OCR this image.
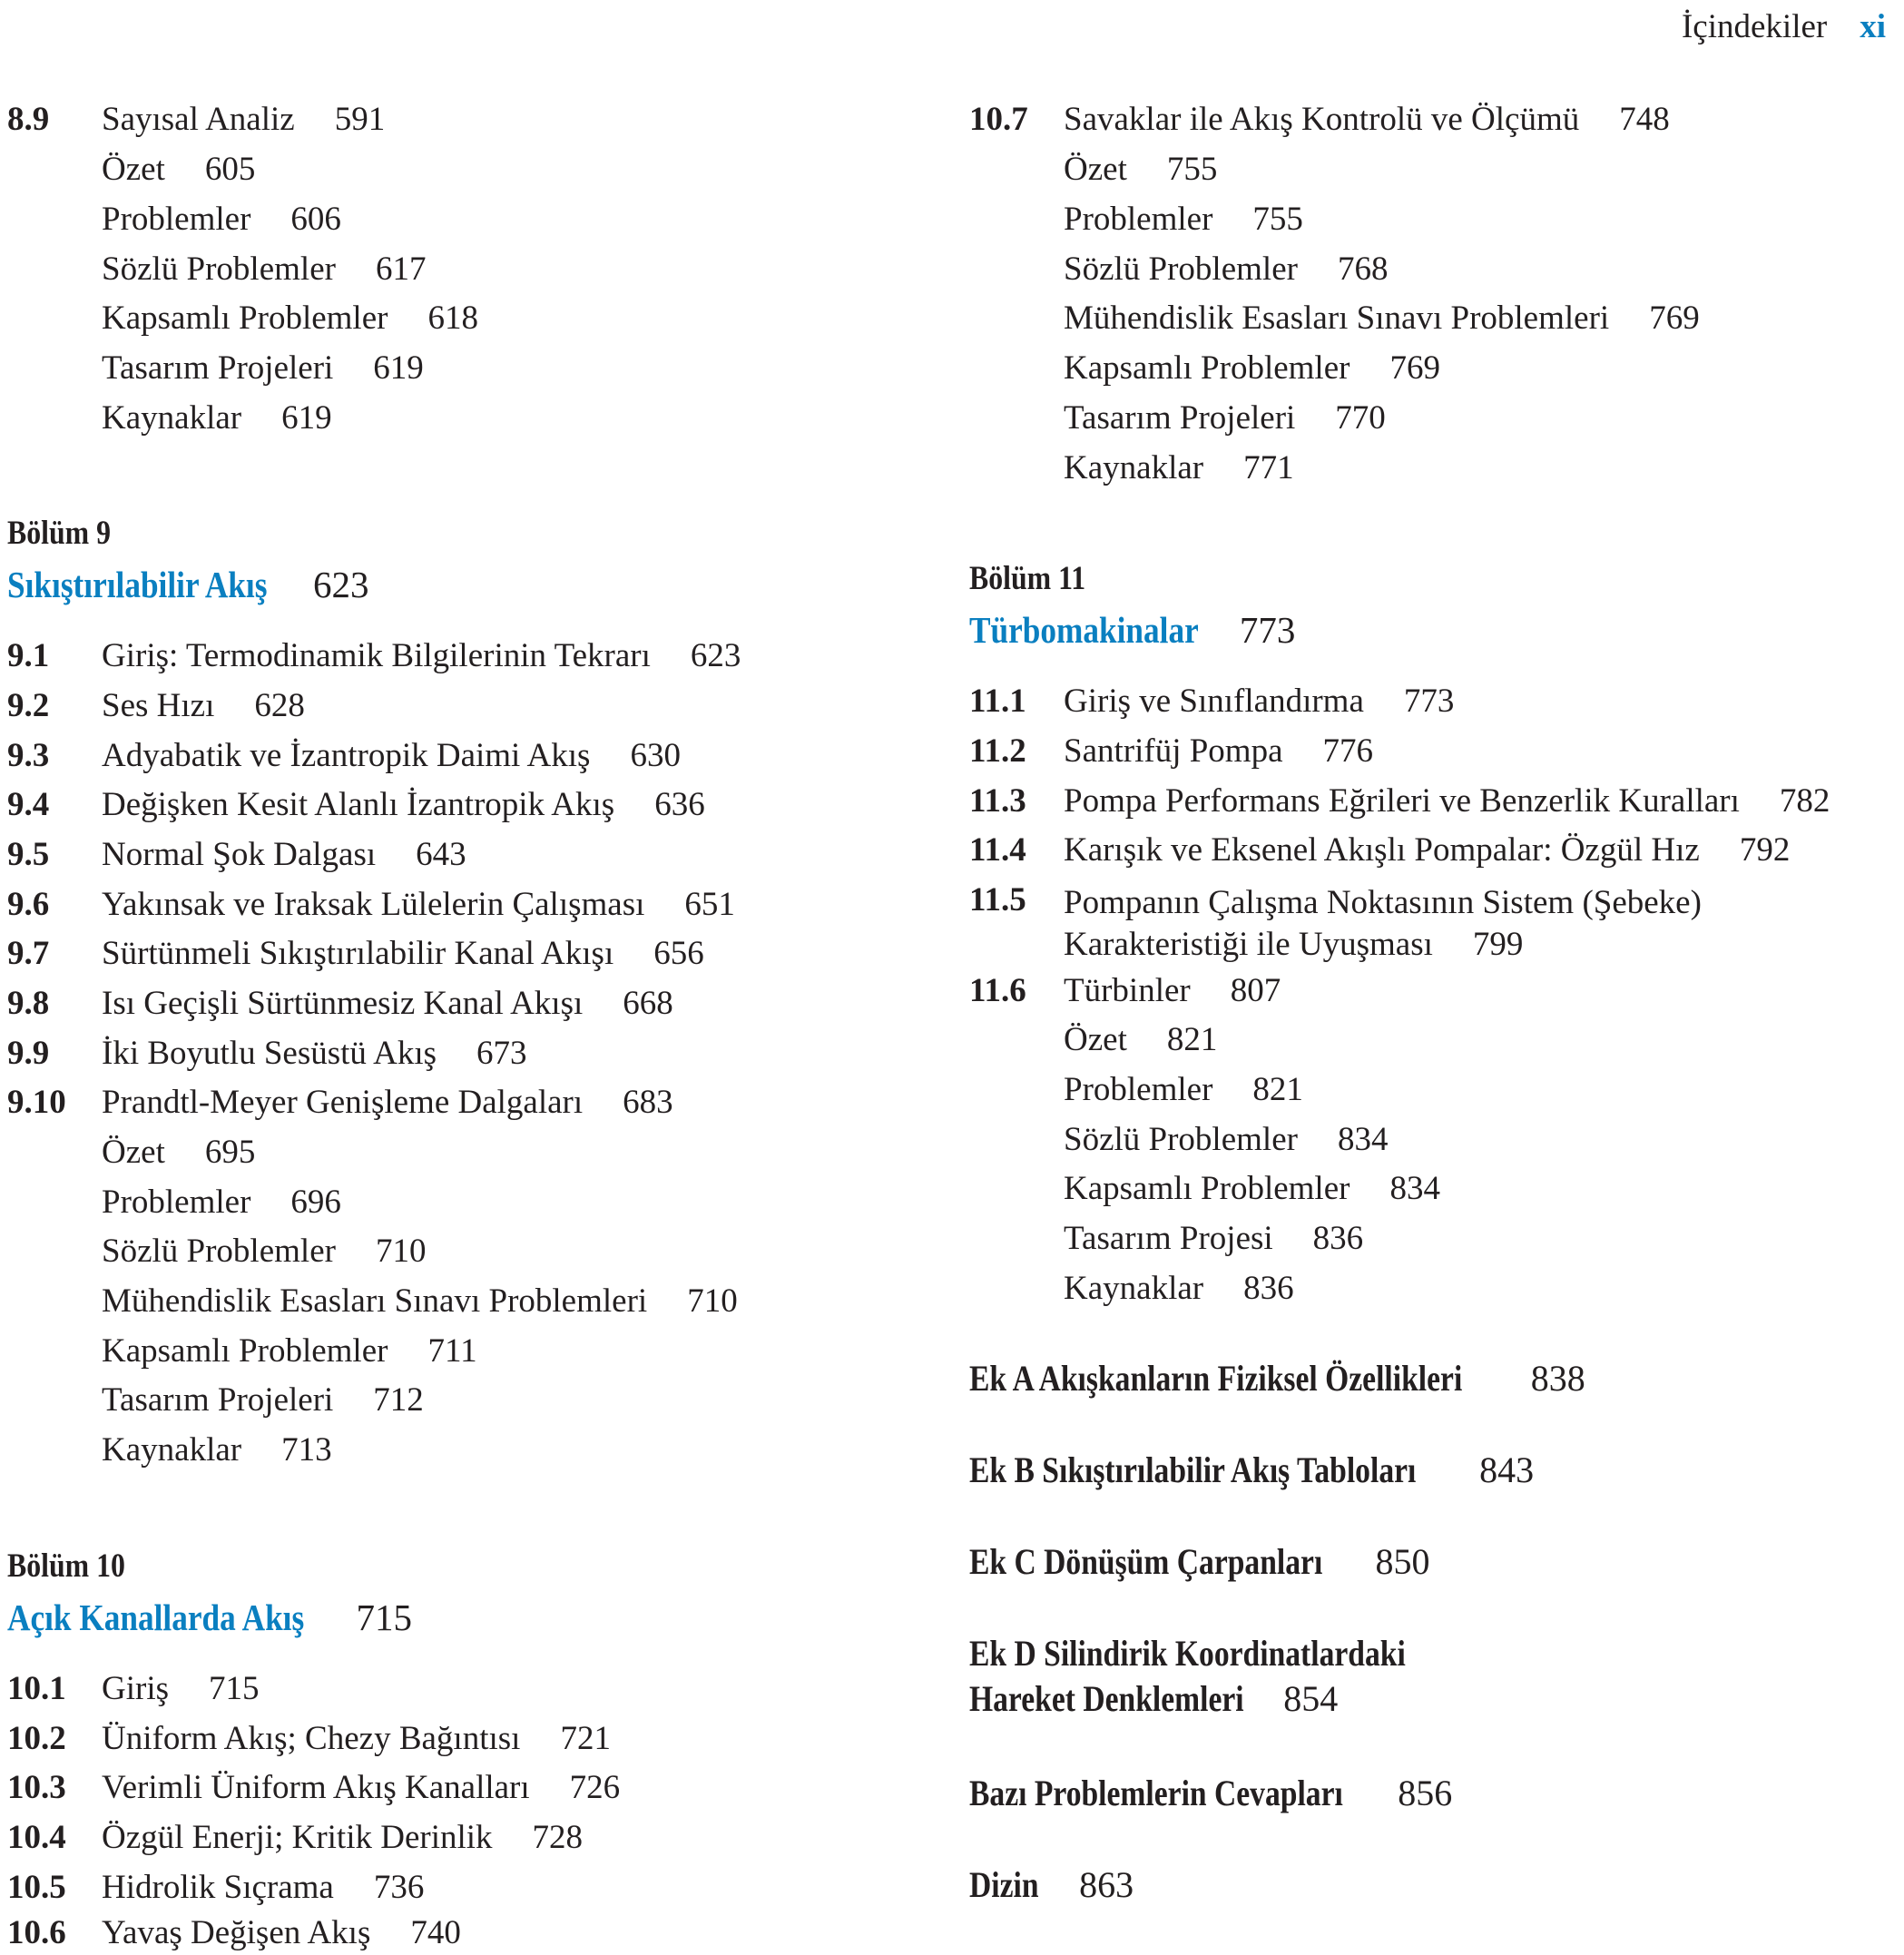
İçindekiler xi
8.9 Sayısal Analiz 591
Özet 605
Problemler 606
Sözlü Problemler 617
Kapsamlı Problemler 618
Tasarım Projeleri 619
Kaynaklar 619
Bölüm 9
Sıkıştırılabilir Akış 623
9.1 Giriş: Termodinamik Bilgilerinin Tekrarı 623
9.2 Ses Hızı 628
9.3 Adyabatik ve İzantropik Daimi Akış 630
9.4 Değişken Kesit Alanlı İzantropik Akış 636
9.5 Normal Şok Dalgası 643
9.6 Yakınsak ve Iraksak Lülelerin Çalışması 651
9.7 Sürtünmeli Sıkıştırılabilir Kanal Akışı 656
9.8 Isı Geçişli Sürtünmesiz Kanal Akışı 668
9.9 İki Boyutlu Sesüstü Akış 673
9.10 Prandtl-Meyer Genişleme Dalgaları 683
Özet 695
Problemler 696
Sözlü Problemler 710
Mühendislik Esasları Sınavı Problemleri 710
Kapsamlı Problemler 711
Tasarım Projeleri 712
Kaynaklar 713
Bölüm 10
Açık Kanallarda Akış 715
10.1 Giriş 715
10.2 Üniform Akış; Chezy Bağıntısı 721
10.3 Verimli Üniform Akış Kanalları 726
10.4 Özgül Enerji; Kritik Derinlik 728
10.5 Hidrolik Sıçrama 736
10.6 Yavaş Değişen Akış 740
10.7 Savaklar ile Akış Kontrolü ve Ölçümü 748
Özet 755
Problemler 755
Sözlü Problemler 768
Mühendislik Esasları Sınavı Problemleri 769
Kapsamlı Problemler 769
Tasarım Projeleri 770
Kaynaklar 771
Bölüm 11
Türbomakinalar 773
11.1 Giriş ve Sınıflandırma 773
11.2 Santrifüj Pompa 776
11.3 Pompa Performans Eğrileri ve Benzerlik Kuralları 782
11.4 Karışık ve Eksenel Akışlı Pompalar: Özgül Hız 792
11.5 Pompanın Çalışma Noktasının Sistem (Şebeke)
Karakteristiği ile Uyuşması 799
11.6 Türbinler 807
Özet 821
Problemler 821
Sözlü Problemler 834
Kapsamlı Problemler 834
Tasarım Projesi 836
Kaynaklar 836
Ek A Akışkanların Fiziksel Özellikleri 838
Ek B Sıkıştırılabilir Akış Tabloları 843
Ek C Dönüşüm Çarpanları 850
Ek D Silindirik Koordinatlardaki
Hareket Denklemleri 854
Bazı Problemlerin Cevapları 856
Dizin 863
